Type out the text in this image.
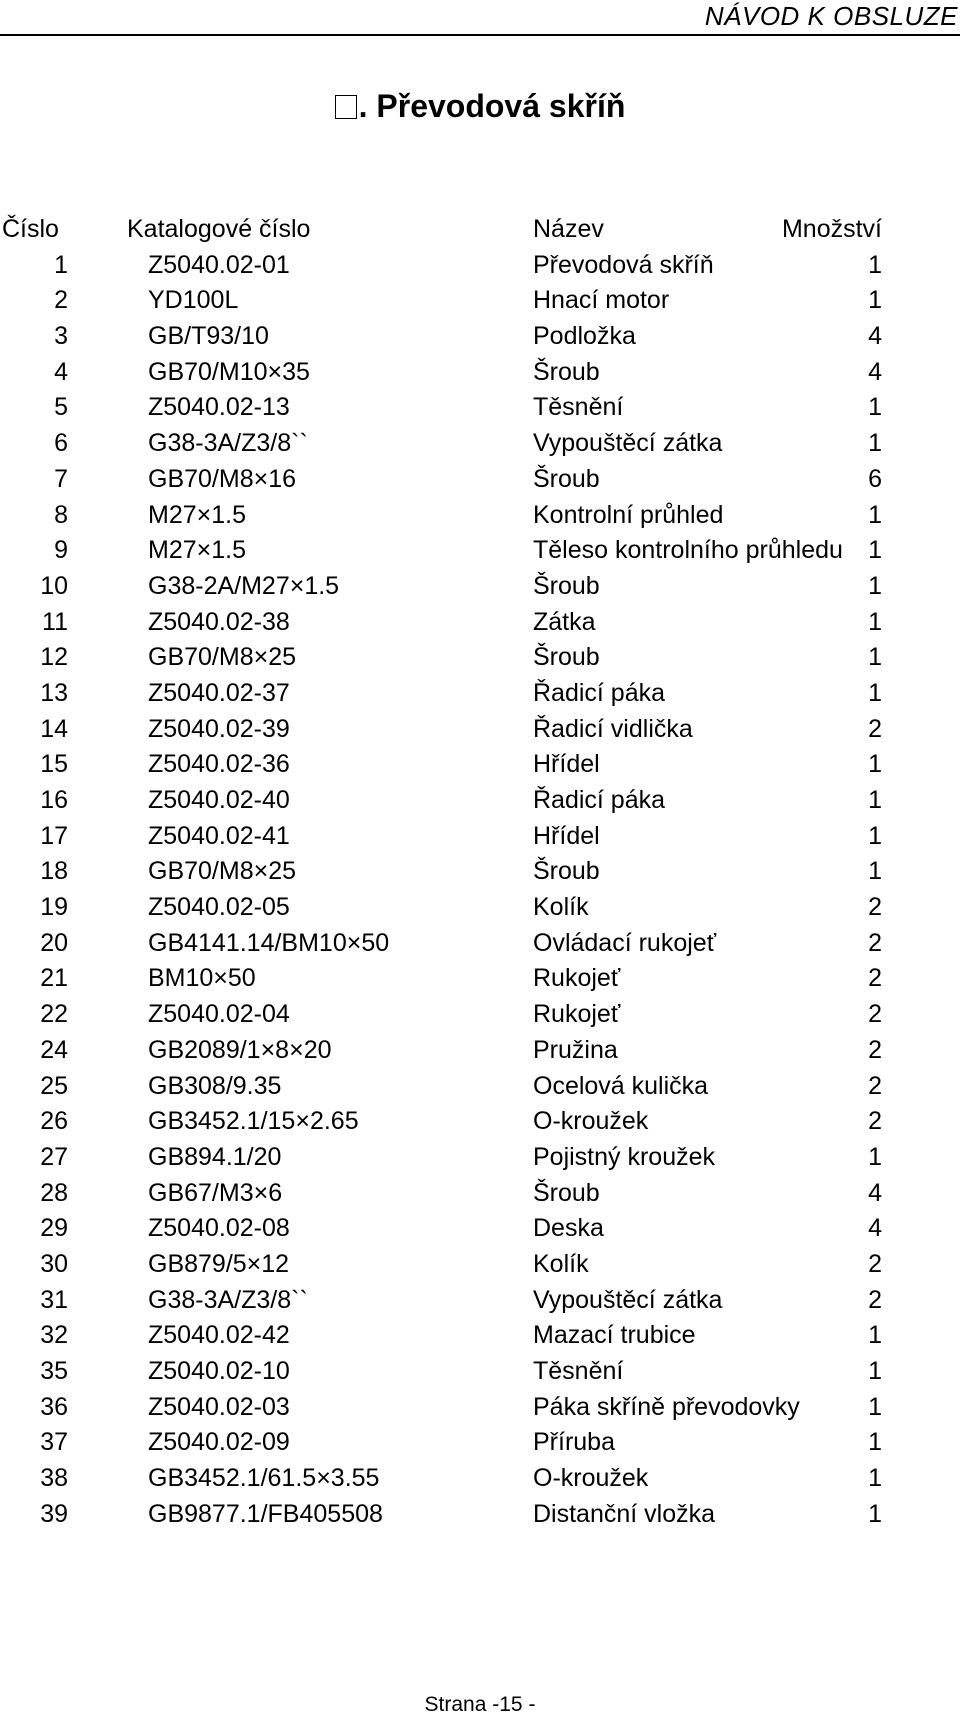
NÁVOD K OBSLUZE
. Převodová skříň
Číslo	Katalogové číslo	Název	Množství
1	Z5040.02-01	Převodová skříň	1
2	YD100L	Hnací motor	1
3	GB/T93/10	Podložka	4
4	GB70/M10×35	Šroub	4
5	Z5040.02-13	Těsnění	1
6	G38-3A/Z3/8``	Vypouštěcí zátka	1
7	GB70/M8×16	Šroub	6
8	M27×1.5	Kontrolní průhled	1
9	M27×1.5	Těleso kontrolního průhledu	1
10	G38-2A/M27×1.5	Šroub	1
11	Z5040.02-38	Zátka	1
12	GB70/M8×25	Šroub	1
13	Z5040.02-37	Řadicí páka	1
14	Z5040.02-39	Řadicí vidlička	2
15	Z5040.02-36	Hřídel	1
16	Z5040.02-40	Řadicí páka	1
17	Z5040.02-41	Hřídel	1
18	GB70/M8×25	Šroub	1
19	Z5040.02-05	Kolík	2
20	GB4141.14/BM10×50	Ovládací rukojeť	2
21	BM10×50	Rukojeť	2
22	Z5040.02-04	Rukojeť	2
24	GB2089/1×8×20	Pružina	2
25	GB308/9.35	Ocelová kulička	2
26	GB3452.1/15×2.65	O-kroužek	2
27	GB894.1/20	Pojistný kroužek	1
28	GB67/M3×6	Šroub	4
29	Z5040.02-08	Deska	4
30	GB879/5×12	Kolík	2
31	G38-3A/Z3/8``	Vypouštěcí zátka	2
32	Z5040.02-42	Mazací trubice	1
35	Z5040.02-10	Těsnění	1
36	Z5040.02-03	Páka skříně převodovky	1
37	Z5040.02-09	Příruba	1
38	GB3452.1/61.5×3.55	O-kroužek	1
39	GB9877.1/FB405508	Distanční vložka	1
Strana -15 -
